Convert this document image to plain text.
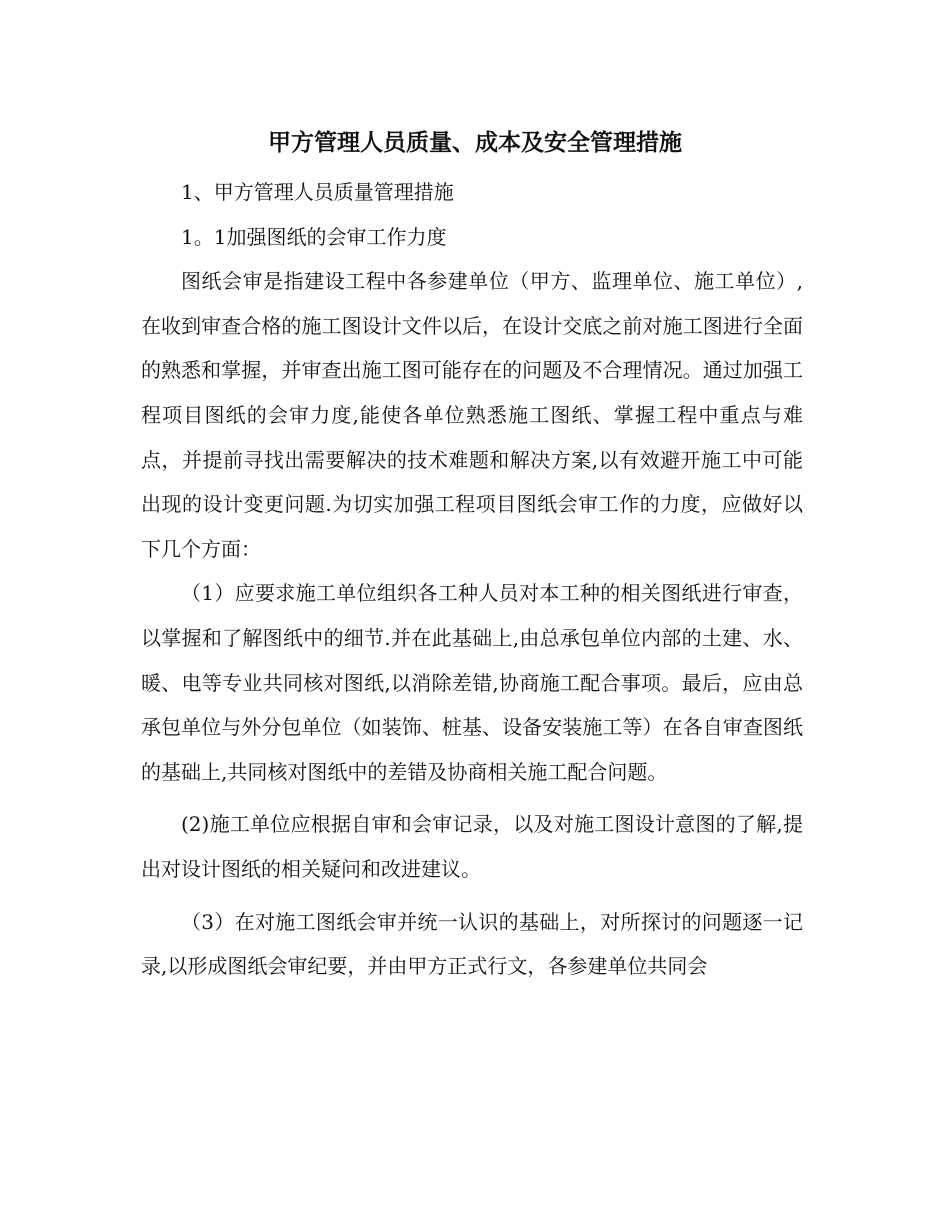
甲方管理人员质量、成本及安全管理措施

1、甲方管理人员质量管理措施

1。1加强图纸的会审工作力度

图纸会审是指建设工程中各参建单位（甲方、监理单位、施工单位）,在收到审查合格的施工图设计文件以后，在设计交底之前对施工图进行全面的熟悉和掌握，并审查出施工图可能存在的问题及不合理情况。通过加强工程项目图纸的会审力度,能使各单位熟悉施工图纸、掌握工程中重点与难点，并提前寻找出需要解决的技术难题和解决方案,以有效避开施工中可能出现的设计变更问题.为切实加强工程项目图纸会审工作的力度，应做好以下几个方面：

（1）应要求施工单位组织各工种人员对本工种的相关图纸进行审查，以掌握和了解图纸中的细节.并在此基础上,由总承包单位内部的土建、水、暖、电等专业共同核对图纸,以消除差错,协商施工配合事项。最后，应由总承包单位与外分包单位（如装饰、桩基、设备安装施工等）在各自审查图纸的基础上,共同核对图纸中的差错及协商相关施工配合问题。

(2)施工单位应根据自审和会审记录，以及对施工图设计意图的了解,提出对设计图纸的相关疑问和改进建议。

（3）在对施工图纸会审并统一认识的基础上，对所探讨的问题逐一记录,以形成图纸会审纪要，并由甲方正式行文，各参建单位共同会
